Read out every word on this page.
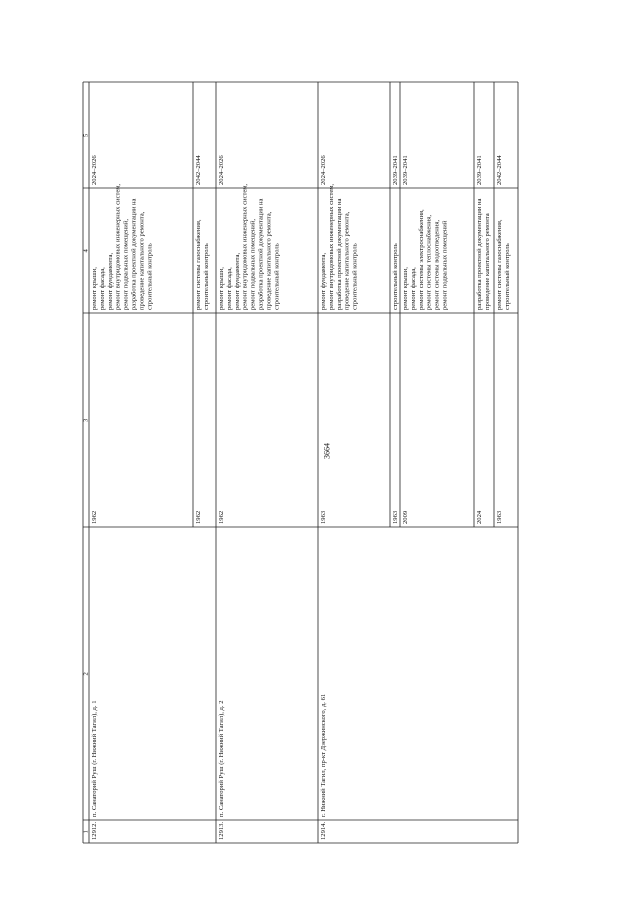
3664
1
2
3
4
5
12912.
п. Санаторий Руш (г. Нижний Тагил), д. 1
1962
ремонт крыши, ремонт фасада, ремонт фундамента, ремонт внутридомовых инженерных систем, ремонт подвальных помещений, разработка проектной документации на проведение капитального ремонта, строительный контроль
2024–2026
1962
ремонт системы газоснабжения, строительный контроль
2042–2044
12913.
п. Санаторий Руш (г. Нижний Тагил), д. 2
1962
ремонт крыши, ремонт фасада, ремонт фундамента, ремонт внутридомовых инженерных систем, ремонт подвальных помещений, разработка проектной документации на проведение капитального ремонта, строительный контроль
2024–2026
12914.
г. Нижний Тагил, пр-кт Дзержинского, д. 61
1963
ремонт фундамента, ремонт внутридомовых инженерных систем, разработка проектной документации на проведение капитального ремонта, строительный контроль
2024–2026
1963
строительный контроль
2039–2041
2009
ремонт крыши, ремонт фасада, ремонт системы электроснабжения, ремонт системы теплоснабжения, ремонт системы водоотведения, ремонт подвальных помещений
2039–2041
2024
разработка проектной документации на проведение капитального ремонта
2039–2041
1963
ремонт системы газоснабжения, строительный контроль
2042–2044
